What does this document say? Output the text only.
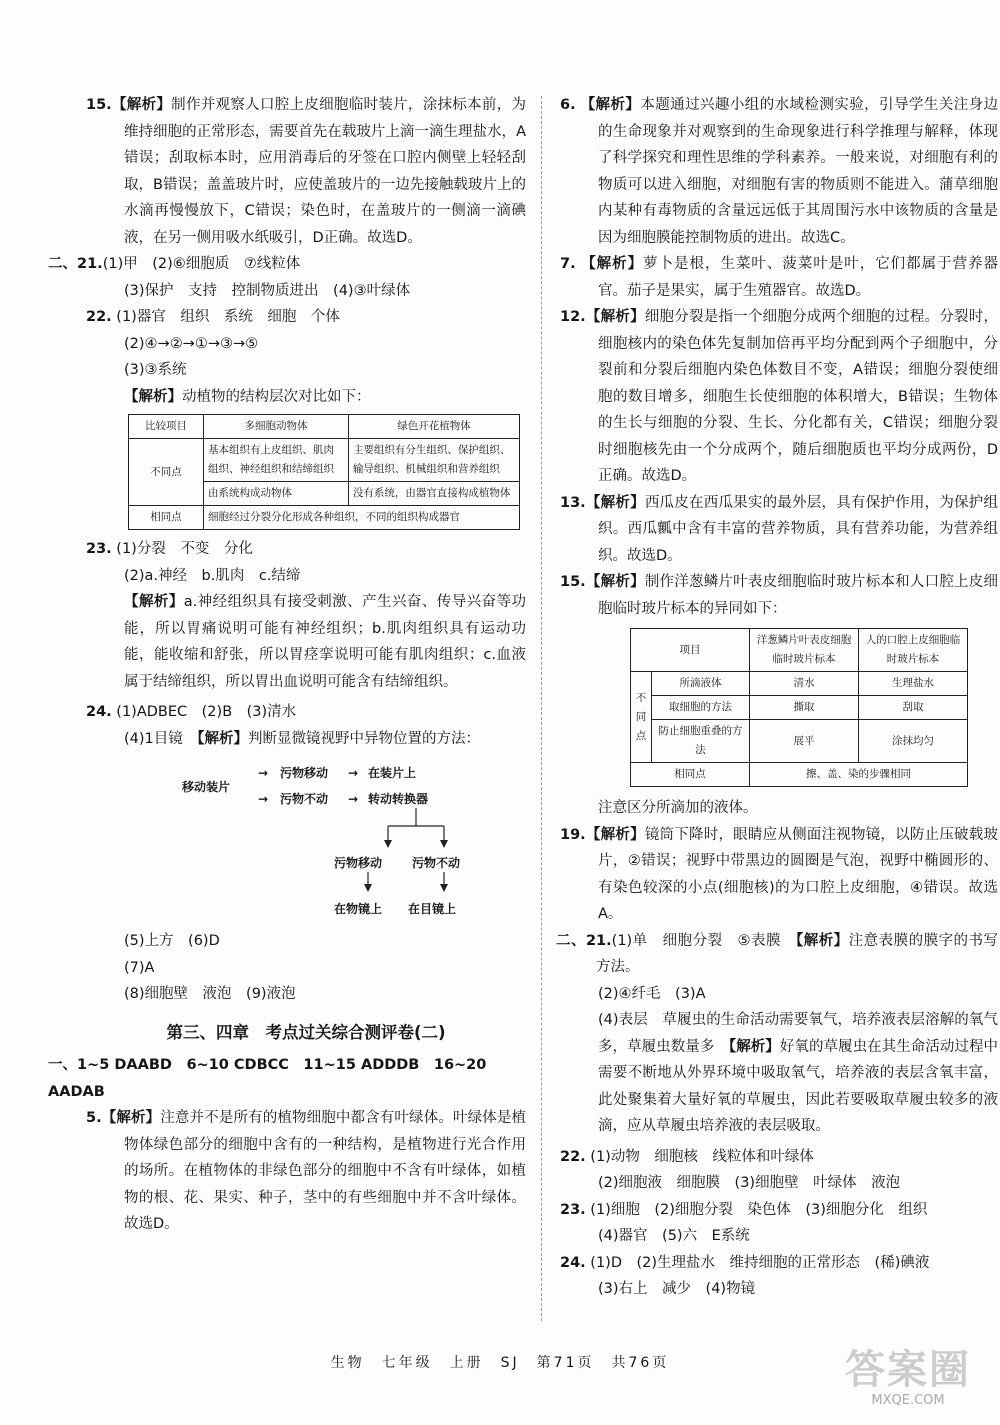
15.【解析】制作并观察人口腔上皮细胞临时装片，涂抹标本前，为维持细胞的正常形态，需要首先在载玻片上滴一滴生理盐水，A错误；刮取标本时，应用消毒后的牙签在口腔内侧壁上轻轻刮取，B错误；盖盖玻片时，应使盖玻片的一边先接触载玻片上的水滴再慢慢放下，C错误；染色时，在盖玻片的一侧滴一滴碘液，在另一侧用吸水纸吸引，D正确。故选D。

二、21.(1)甲　(2)⑥细胞质　⑦线粒体

(3)保护　支持　控制物质进出　(4)③叶绿体

22. (1)器官　组织　系统　细胞　个体

(2)④→②→①→③→⑤

(3)③系统

【解析】动植物的结构层次对比如下：

比较项目	多细胞动物体	绿色开花植物体
不同点	基本组织有上皮组织、肌肉组织、神经组织和结缔组织	主要组织有分生组织、保护组织、输导组织、机械组织和营养组织
	由系统构成动物体	没有系统，由器官直接构成植物体
相同点	细胞经过分裂分化形成各种组织，不同的组织构成器官	

23. (1)分裂　不变　分化

(2)a.神经　b.肌肉　c.结缔

【解析】a.神经组织具有接受刺激、产生兴奋、传导兴奋等功能，所以胃痛说明可能有神经组织；b.肌肉组织具有运动功能，能收缩和舒张，所以胃痉挛说明可能有肌肉组织；c.血液属于结缔组织，所以胃出血说明可能含有结缔组织。

24. (1)ADBEC　(2)B　(3)清水

(4)1目镜　【解析】判断显微镜视野中异物位置的方法：

移动装片
→
→
污物移动 → 在装片上
污物不动 → 转动转换器
污物移动 污物不动
在物镜上 在目镜上

(5)上方　(6)D

(7)A

(8)细胞壁　液泡　(9)液泡

第三、四章　考点过关综合测评卷(二)

一、1~5 DAABD　6~10 CDBCC　11~15 ADDDB　16~20 AADAB

5.【解析】注意并不是所有的植物细胞中都含有叶绿体。叶绿体是植物体绿色部分的细胞中含有的一种结构，是植物进行光合作用的场所。在植物体的非绿色部分的细胞中不含有叶绿体，如植物的根、花、果实、种子，茎中的有些细胞中并不含叶绿体。故选D。

6. 【解析】本题通过兴趣小组的水域检测实验，引导学生关注身边的生命现象并对观察到的生命现象进行科学推理与解释，体现了科学探究和理性思维的学科素养。一般来说，对细胞有利的物质可以进入细胞，对细胞有害的物质则不能进入。蒲草细胞内某种有毒物质的含量远远低于其周围污水中该物质的含量是因为细胞膜能控制物质的进出。故选C。

7. 【解析】萝卜是根，生菜叶、菠菜叶是叶，它们都属于营养器官。茄子是果实，属于生殖器官。故选D。

12.【解析】细胞分裂是指一个细胞分成两个细胞的过程。分裂时，细胞核内的染色体先复制加倍再平均分配到两个子细胞中，分裂前和分裂后细胞内染色体数目不变，A错误；细胞分裂使细胞的数目增多，细胞生长使细胞的体积增大，B错误；生物体的生长与细胞的分裂、生长、分化都有关，C错误；细胞分裂时细胞核先由一个分成两个，随后细胞质也平均分成两份，D正确。故选D。

13.【解析】西瓜皮在西瓜果实的最外层，具有保护作用，为保护组织。西瓜瓤中含有丰富的营养物质，具有营养功能，为营养组织。故选D。

15.【解析】制作洋葱鳞片叶表皮细胞临时玻片标本和人口腔上皮细胞临时玻片标本的异同如下：

项目		洋葱鳞片叶表皮细胞临时玻片标本	人的口腔上皮细胞临时玻片标本
不同点	所滴液体	清水	生理盐水
	取细胞的方法	撕取	刮取
	防止细胞重叠的方法	展平	涂抹均匀
相同点		擦、盖、染的步骤相同	

注意区分所滴加的液体。

19.【解析】镜筒下降时，眼睛应从侧面注视物镜，以防止压破载玻片，②错误；视野中带黑边的圆圈是气泡，视野中椭圆形的、有染色较深的小点(细胞核)的为口腔上皮细胞，④错误。故选A。

二、21.(1)单　细胞分裂　⑤表膜　【解析】注意表膜的膜字的书写方法。

(2)④纤毛　(3)A

(4)表层　草履虫的生命活动需要氧气，培养液表层溶解的氧气多，草履虫数量多　【解析】好氧的草履虫在其生命活动过程中需要不断地从外界环境中吸取氧气，培养液的表层含氧丰富，此处聚集着大量好氧的草履虫，因此若要吸取草履虫较多的液滴，应从草履虫培养液的表层吸取。

22. (1)动物　细胞核　线粒体和叶绿体

(2)细胞液　细胞膜　(3)细胞壁　叶绿体　液泡

23. (1)细胞　(2)细胞分裂　染色体　(3)细胞分化　组织

(4)器官　(5)六　E系统

24. (1)D　(2)生理盐水　维持细胞的正常形态　(稀)碘液

(3)右上　减少　(4)物镜

生物　七年级　上册　SJ　第71页　共76页	答案圈
MXQE.COM
